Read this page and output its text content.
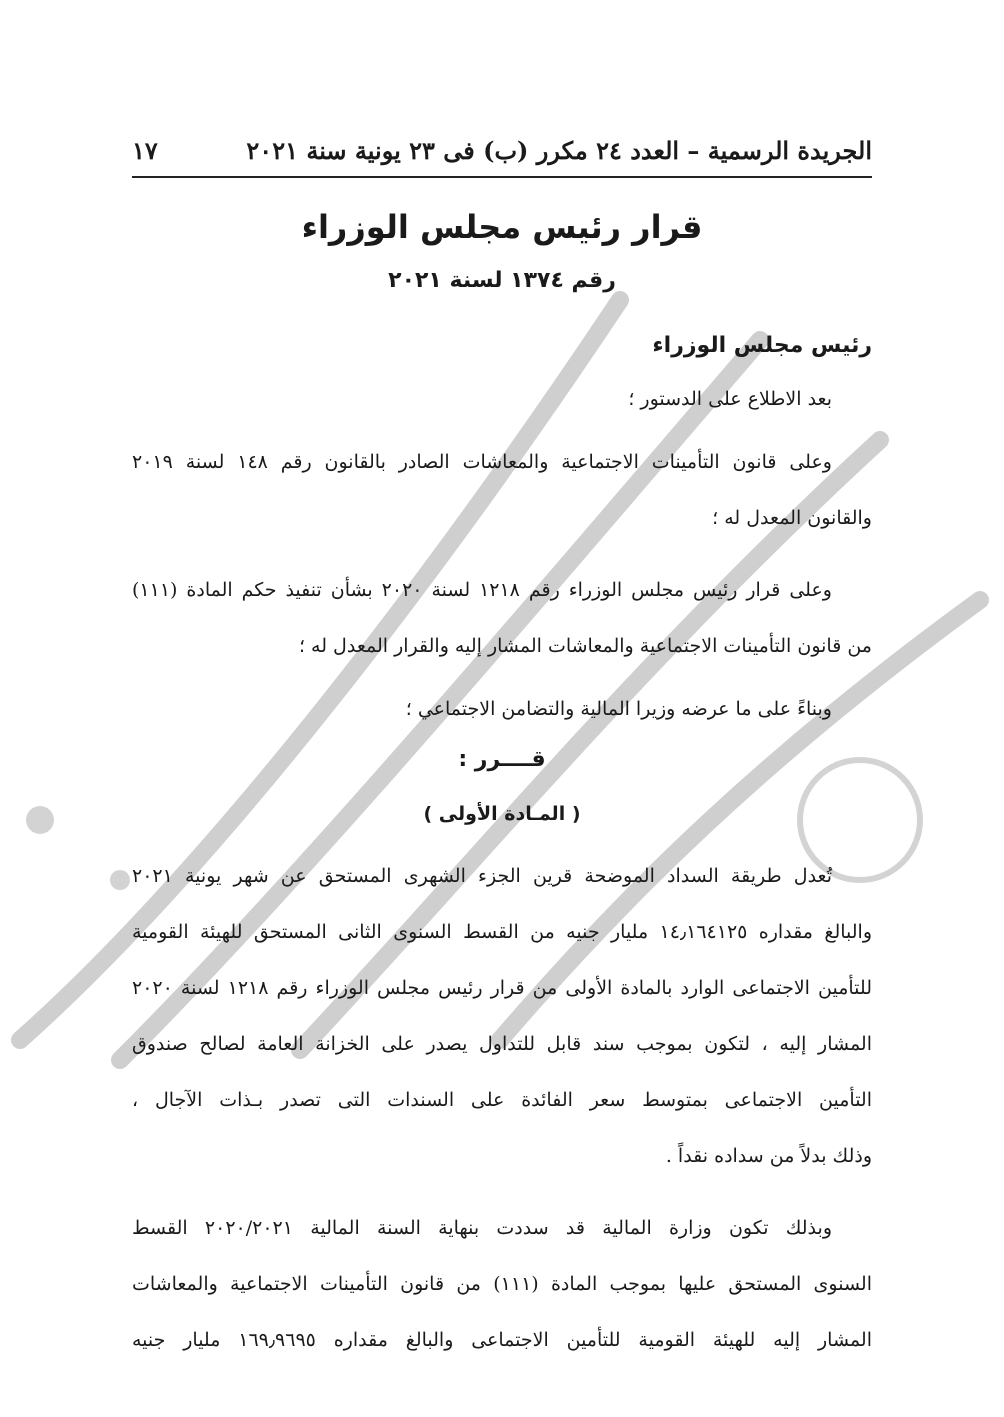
الجريدة الرسمية – العدد ٢٤ مكرر (ب) فى ٢٣ يونية سنة ٢٠٢١
١٧
قرار رئيس مجلس الوزراء
رقم ١٣٧٤ لسنة ٢٠٢١
رئيس مجلس الوزراء
بعد الاطلاع على الدستور ؛
وعلى قانون التأمينات الاجتماعية والمعاشات الصادر بالقانون رقم ١٤٨ لسنة ٢٠١٩
والقانون المعدل له ؛
وعلى قرار رئيس مجلس الوزراء رقم ١٢١٨ لسنة ٢٠٢٠ بشأن تنفيذ حكم المادة (١١١)
من قانون التأمينات الاجتماعية والمعاشات المشار إليه والقرار المعدل له ؛
وبناءً على ما عرضه وزيرا المالية والتضامن الاجتماعي ؛
قــــرر :
( المـادة الأولى )
تُعدل طريقة السداد الموضحة قرين الجزء الشهرى المستحق عن شهر يونية ٢٠٢١
والبالغ مقداره ١٤٫١٦٤١٢٥ مليار جنيه من القسط السنوى الثانى المستحق للهيئة القومية
للتأمين الاجتماعى الوارد بالمادة الأولى من قرار رئيس مجلس الوزراء رقم ١٢١٨ لسنة ٢٠٢٠
المشار إليه ، لتكون بموجب سند قابل للتداول يصدر على الخزانة العامة لصالح صندوق
التأمين الاجتماعى بمتوسط سعر الفائدة على السندات التى تصدر بـذات الآجال ،
وذلك بدلاً من سداده نقداً .
وبذلك تكون وزارة المالية قد سددت بنهاية السنة المالية ٢٠٢٠/٢٠٢١ القسط
السنوى المستحق عليها بموجب المادة (١١١) من قانون التأمينات الاجتماعية والمعاشات
المشار إليه للهيئة القومية للتأمين الاجتماعى والبالغ مقداره ١٦٩٫٩٦٩٥ مليار جنيه
